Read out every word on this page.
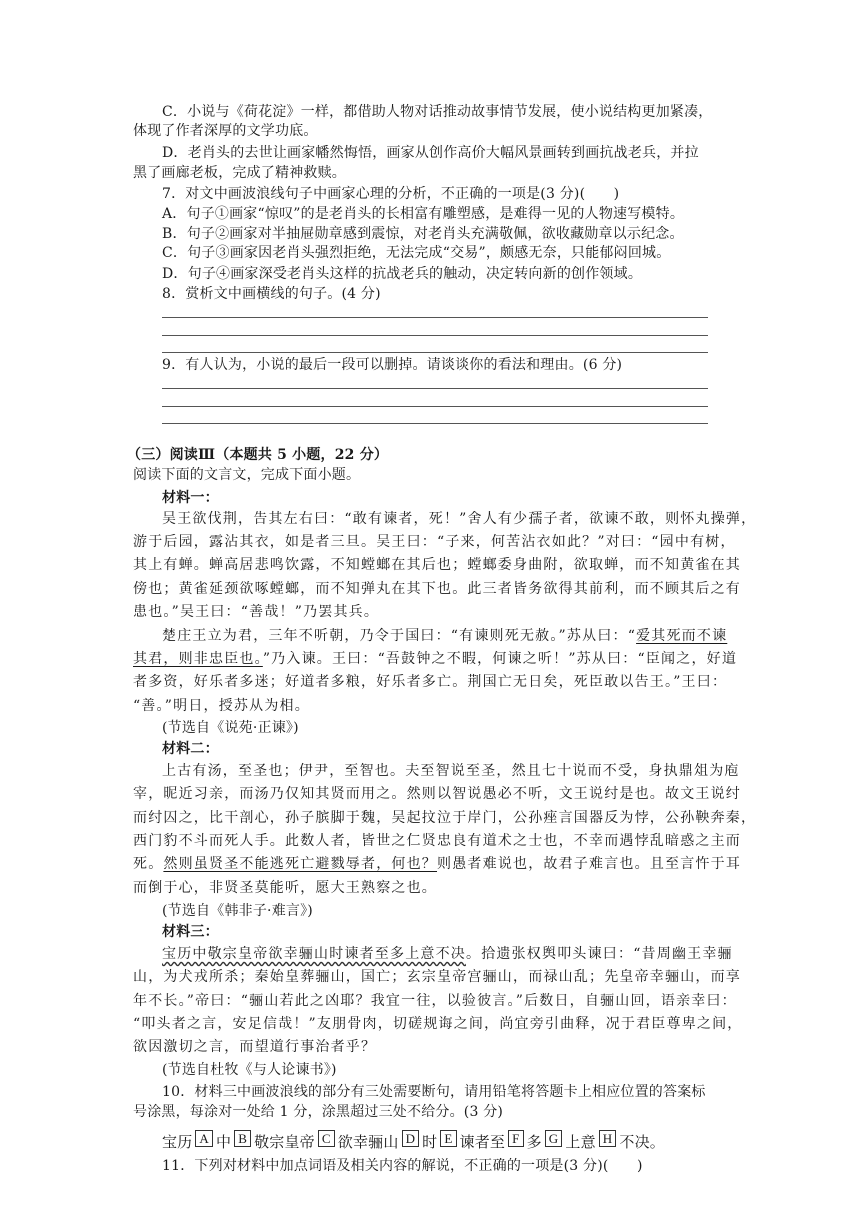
C．小说与《荷花淀》一样，都借助人物对话推动故事情节发展，使小说结构更加紧凑，
体现了作者深厚的文学功底。
D．老肖头的去世让画家幡然悔悟，画家从创作高价大幅风景画转到画抗战老兵，并拉
黑了画廊老板，完成了精神救赎。
7．对文中画波浪线句子中画家心理的分析，不正确的一项是(3 分)(　　)
A．句子①画家“惊叹”的是老肖头的长相富有雕塑感，是难得一见的人物速写模特。
B．句子②画家对半抽屉勋章感到震惊，对老肖头充满敬佩，欲收藏勋章以示纪念。
C．句子③画家因老肖头强烈拒绝，无法完成“交易”，颇感无奈，只能郁闷回城。
D．句子④画家深受老肖头这样的抗战老兵的触动，决定转向新的创作领域。
8．赏析文中画横线的句子。(4 分)
9．有人认为，小说的最后一段可以删掉。请谈谈你的看法和理由。(6 分)
（三）阅读Ⅲ（本题共 5 小题，22 分）
阅读下面的文言文，完成下面小题。
材料一：
吴王欲伐荆，告其左右曰：“敢有谏者，死！”舍人有少孺子者，欲谏不敢，则怀丸操弹，
游于后园，露沾其衣，如是者三旦。吴王曰：“子来，何苦沾衣如此？”对曰：“园中有树，
其上有蝉。蝉高居悲鸣饮露，不知螳螂在其后也；螳螂委身曲附，欲取蝉，而不知黄雀在其
傍也；黄雀延颈欲啄螳螂，而不知弹丸在其下也。此三者皆务欲得其前利，而不顾其后之有
患也。”吴王曰：“善哉！”乃罢其兵。
楚庄王立为君，三年不听朝，乃令于国曰：“有谏则死无赦。”苏从曰：“爱其死而不谏
其君，则非忠臣也。”乃入谏。王曰：“吾鼓钟之不暇，何谏之听！”苏从曰：“臣闻之，好道
者多资，好乐者多迷；好道者多粮，好乐者多亡。荆国亡无日矣，死臣敢以告王。”王曰：
“善。”明日，授苏从为相。
(节选自《说苑·正谏》)
材料二：
上古有汤，至圣也；伊尹，至智也。夫至智说至圣，然且七十说而不受，身执鼎俎为庖
宰，昵近习亲，而汤乃仅知其贤而用之。然则以智说愚必不听，文王说纣是也。故文王说纣
而纣囚之，比干剖心，孙子膑脚于魏，吴起抆泣于岸门，公孙痤言国器反为悖，公孙鞅奔秦，
西门豹不斗而死人手。此数人者，皆世之仁贤忠良有道术之士也，不幸而遇悖乱暗惑之主而
死。然则虽贤圣不能逃死亡避戮辱者，何也？则愚者难说也，故君子难言也。且至言忤于耳
而倒于心，非贤圣莫能听，愿大王熟察之也。
(节选自《韩非子·难言》)
材料三：
宝历中敬宗皇帝欲幸骊山时谏者至多上意不决。拾遗张权舆叩头谏曰：“昔周幽王幸骊
山，为犬戎所杀；秦始皇葬骊山，国亡；玄宗皇帝宫骊山，而禄山乱；先皇帝幸骊山，而享
年不长。”帝曰：“骊山若此之凶耶？我宜一往，以验彼言。”后数日，自骊山回，语亲幸曰：
“叩头者之言，安足信哉！”友朋骨肉，切磋规诲之间，尚宜旁引曲释，况于君臣尊卑之间，
欲因激切之言，而望道行事治者乎？
(节选自杜牧《与人论谏书》)
10．材料三中画波浪线的部分有三处需要断句，请用铅笔将答题卡上相应位置的答案标
号涂黑，每涂对一处给 1 分，涂黑超过三处不给分。(3 分)
宝历 A 中 B 敬宗皇帝 C 欲幸骊山 D 时 E 谏者至 F 多 G 上意 H 不决。
11．下列对材料中加点词语及相关内容的解说，不正确的一项是(3 分)(　　)
